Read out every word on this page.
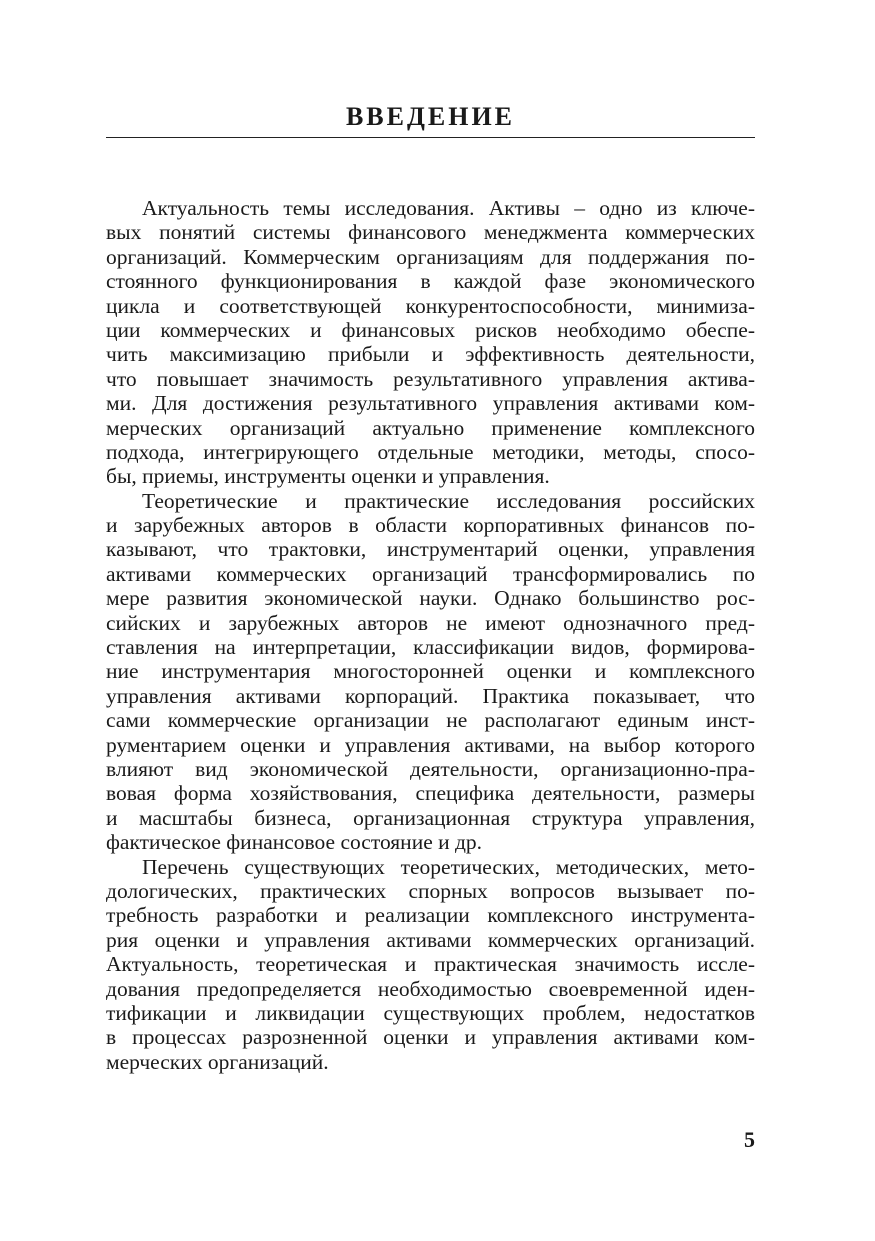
ВВЕДЕНИЕ
Актуальность темы исследования. Активы – одно из ключе-
вых понятий системы финансового менеджмента коммерческих
организаций. Коммерческим организациям для поддержания по-
стоянного функционирования в каждой фазе экономического
цикла и соответствующей конкурентоспособности, минимиза-
ции коммерческих и финансовых рисков необходимо обеспе-
чить максимизацию прибыли и эффективность деятельности,
что повышает значимость результативного управления актива-
ми. Для достижения результативного управления активами ком-
мерческих организаций актуально применение комплексного
подхода, интегрирующего отдельные методики, методы, спосо-
бы, приемы, инструменты оценки и управления.
Теоретические и практические исследования российских
и зарубежных авторов в области корпоративных финансов по-
казывают, что трактовки, инструментарий оценки, управления
активами коммерческих организаций трансформировались по
мере развития экономической науки. Однако большинство рос-
сийских и зарубежных авторов не имеют однозначного пред-
ставления на интерпретации, классификации видов, формирова-
ние инструментария многосторонней оценки и комплексного
управления активами корпораций. Практика показывает, что
сами коммерческие организации не располагают единым инст-
рументарием оценки и управления активами, на выбор которого
влияют вид экономической деятельности, организационно-пра-
вовая форма хозяйствования, специфика деятельности, размеры
и масштабы бизнеса, организационная структура управления,
фактическое финансовое состояние и др.
Перечень существующих теоретических, методических, мето-
дологических, практических спорных вопросов вызывает по-
требность разработки и реализации комплексного инструмента-
рия оценки и управления активами коммерческих организаций.
Актуальность, теоретическая и практическая значимость иссле-
дования предопределяется необходимостью своевременной иден-
тификации и ликвидации существующих проблем, недостатков
в процессах разрозненной оценки и управления активами ком-
мерческих организаций.
5
